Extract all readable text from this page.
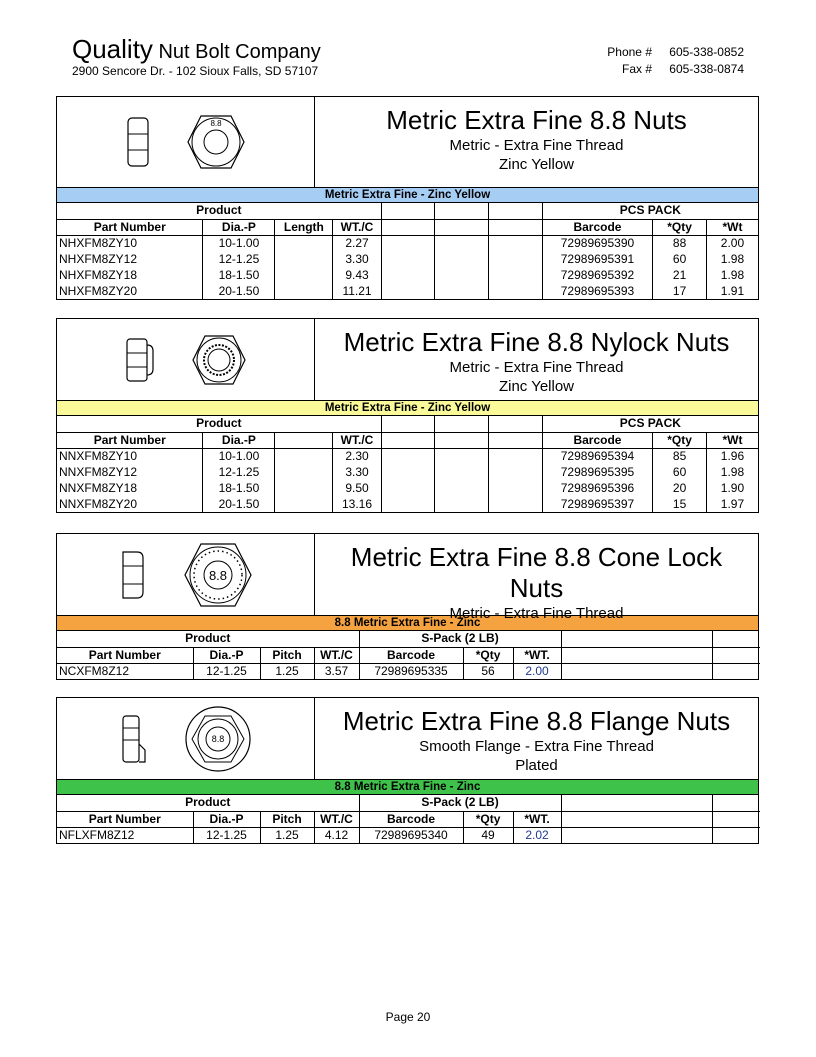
Quality Nut Bolt Company
2900 Sencore Dr. - 102 Sioux Falls, SD 57107
Phone #	605-338-0852
Fax #	605-338-0874
8.8	Metric Extra Fine 8.8 Nuts
Metric - Extra Fine Thread
Zinc Yellow
Metric Extra Fine - Zinc Yellow
Product							PCS PACK		
Part Number	Dia.-P	Length	WT./C				Barcode	*Qty	*Wt
NHXFM8ZY10	10-1.00		2.27				72989695390	88	2.00
NHXFM8ZY12	12-1.25		3.30				72989695391	60	1.98
NHXFM8ZY18	18-1.50		9.43				72989695392	21	1.98
NHXFM8ZY20	20-1.50		11.21				72989695393	17	1.91
Metric Extra Fine 8.8 Nylock Nuts
Metric - Extra Fine Thread
Zinc Yellow
Metric Extra Fine - Zinc Yellow
Product							PCS PACK		
Part Number	Dia.-P		WT./C				Barcode	*Qty	*Wt
NNXFM8ZY10	10-1.00		2.30				72989695394	85	1.96
NNXFM8ZY12	12-1.25		3.30				72989695395	60	1.98
NNXFM8ZY18	18-1.50		9.50				72989695396	20	1.90
NNXFM8ZY20	20-1.50		13.16				72989695397	15	1.97
8.8
Metric Extra Fine 8.8 Cone Lock
Nuts
Metric - Extra Fine Thread
8.8 Metric Extra Fine - Zinc
Product				S-Pack (2 LB)				
Part Number	Dia.-P	Pitch	WT./C	Barcode	*Qty	*WT.		
NCXFM8Z12	12-1.25	1.25	3.57	72989695335	56	2.00		
8.8
Metric Extra Fine 8.8 Flange Nuts
Smooth Flange - Extra Fine Thread
Plated
8.8 Metric Extra Fine - Zinc
Product				S-Pack (2 LB)				
Part Number	Dia.-P	Pitch	WT./C	Barcode	*Qty	*WT.		
NFLXFM8Z12	12-1.25	1.25	4.12	72989695340	49	2.02		
Page 20
